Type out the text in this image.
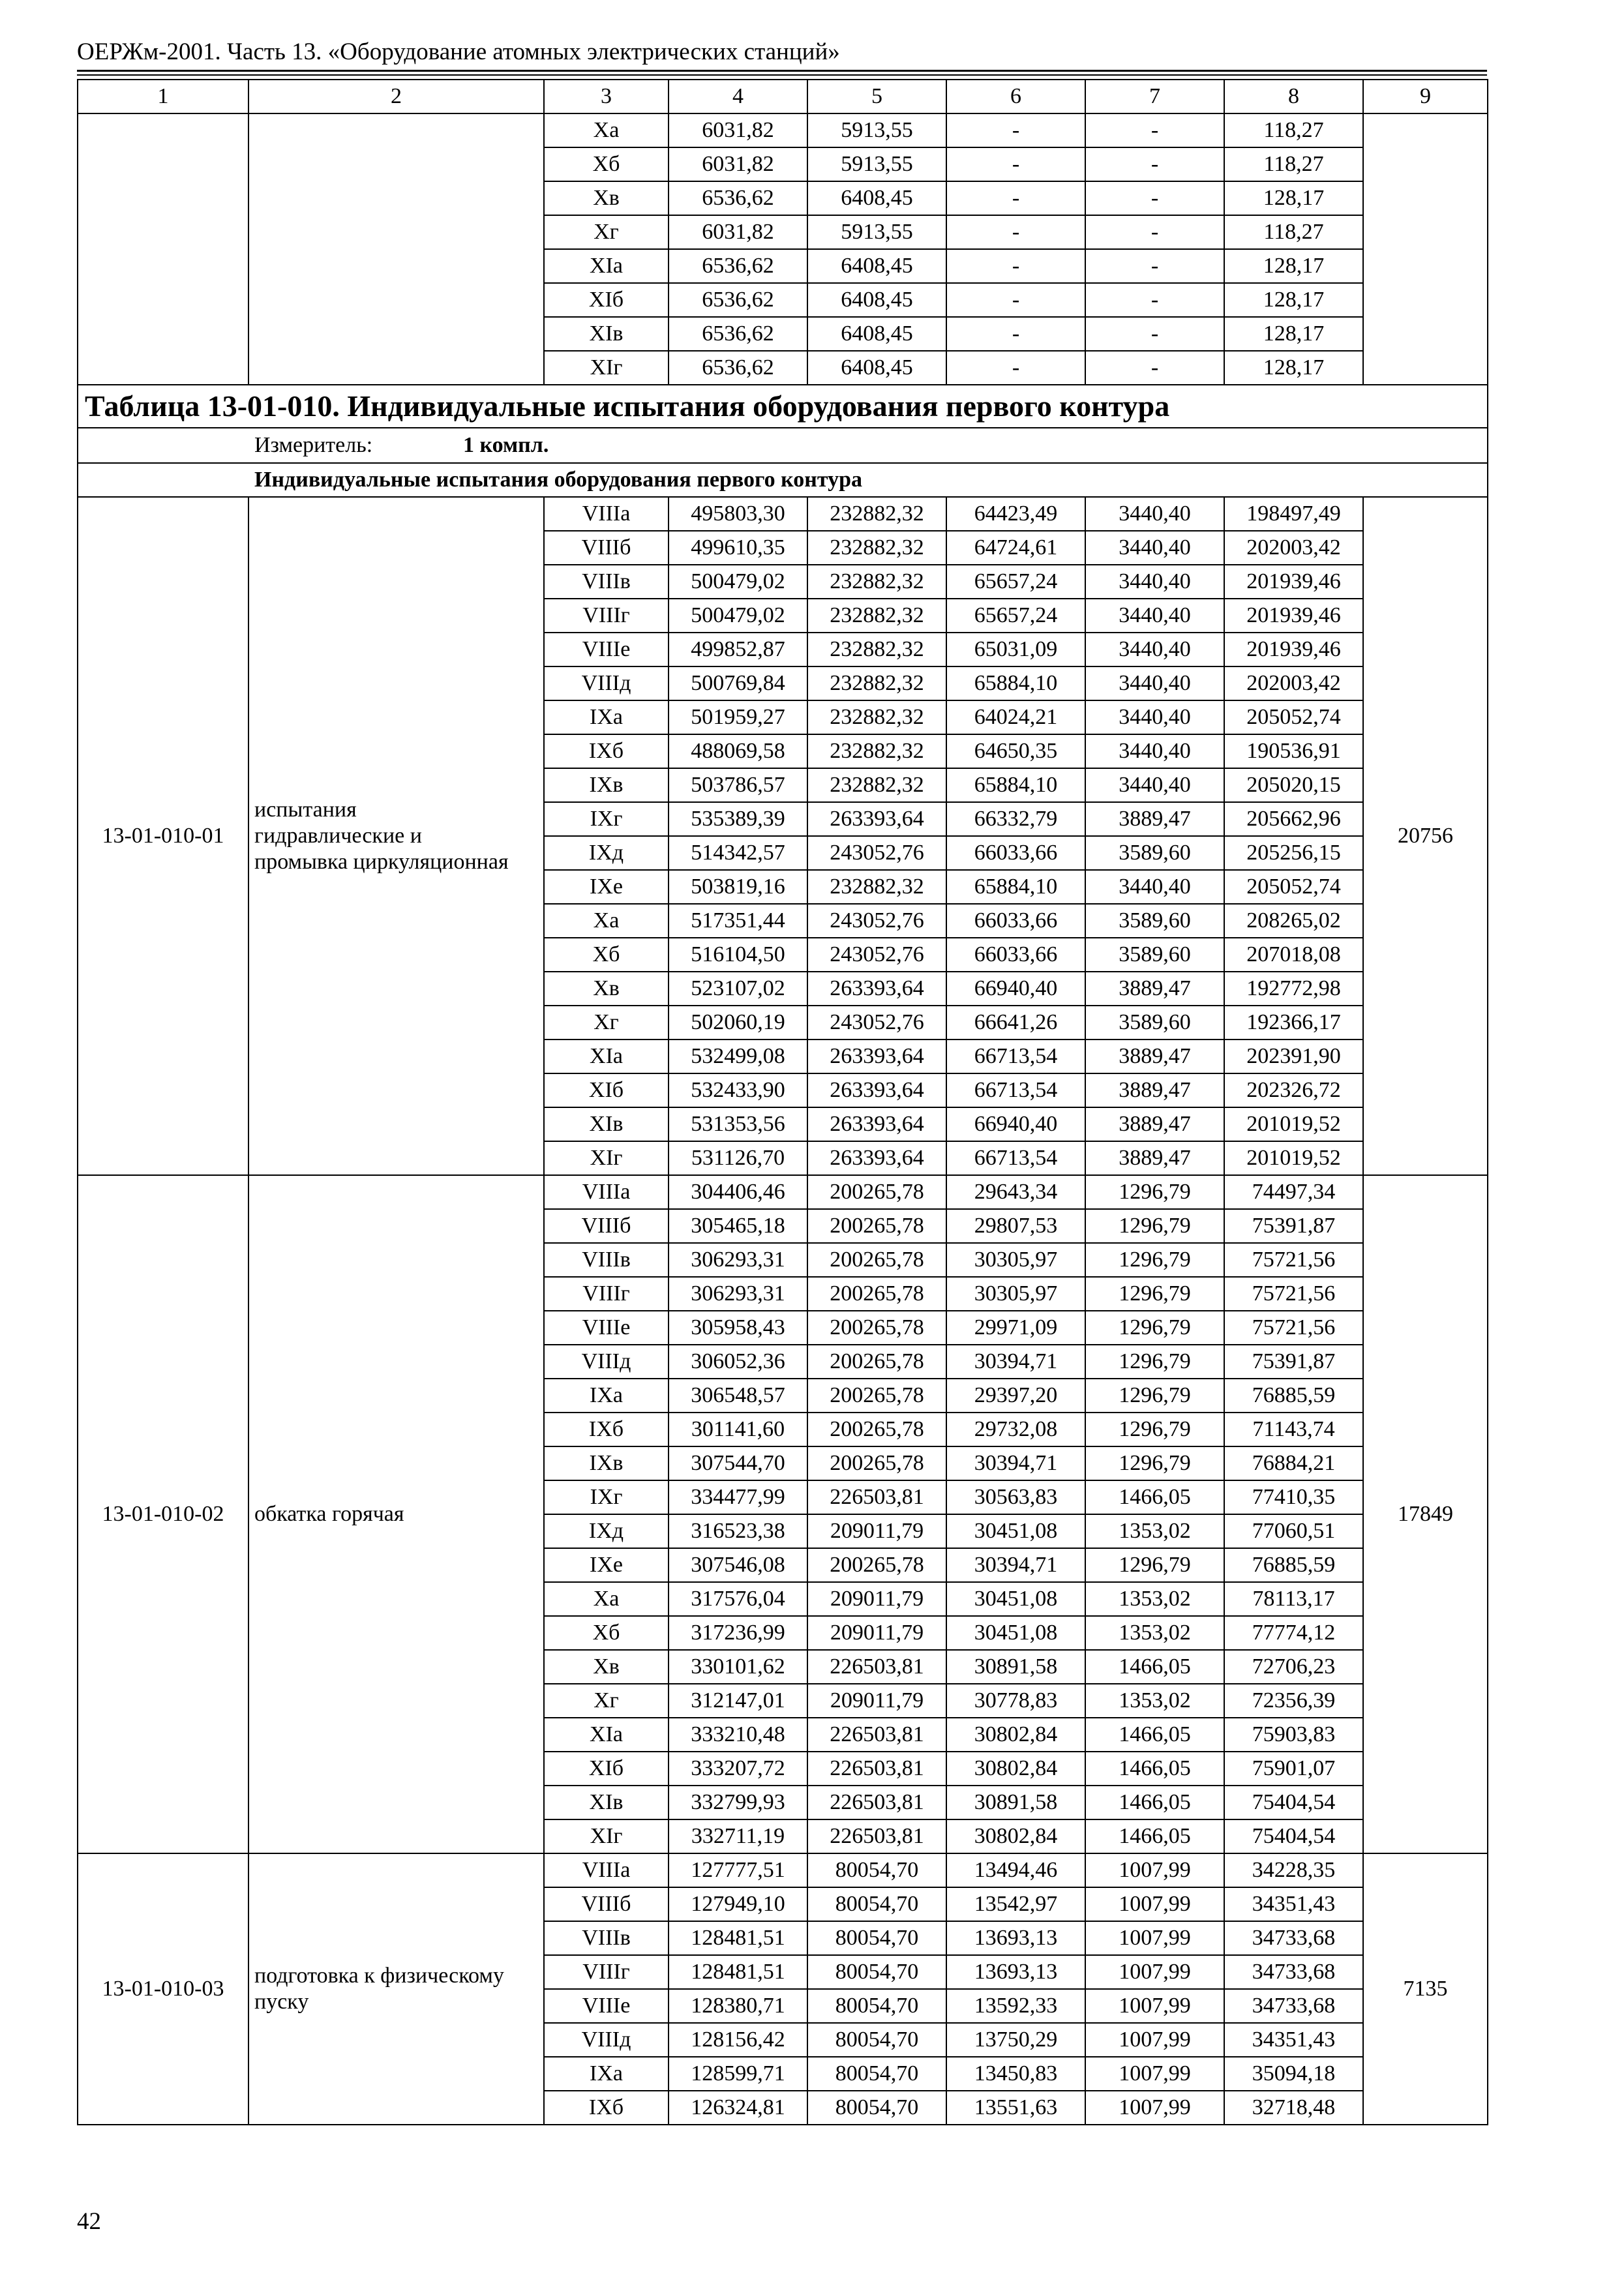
ОЕРЖм-2001. Часть 13. «Оборудование атомных электрических станций»
1	2	3	4	5	6	7	8	9
		Xa	6031,82	5913,55	-	-	118,27	
		Xб	6031,82	5913,55	-	-	118,27	
		Xв	6536,62	6408,45	-	-	128,17	
		Xг	6031,82	5913,55	-	-	118,27	
		XIa	6536,62	6408,45	-	-	128,17	
		XIб	6536,62	6408,45	-	-	128,17	
		XIв	6536,62	6408,45	-	-	128,17	
		XIг	6536,62	6408,45	-	-	128,17	
Таблица 13-01-010. Индивидуальные испытания оборудования первого контура								
Измеритель: 1 компл.								
Индивидуальные испытания оборудования первого контура								
13-01-010-01	испытания
гидравлические и
промывка циркуляционная	VIIIa	495803,30	232882,32	64423,49	3440,40	198497,49	20756
		VIIIб	499610,35	232882,32	64724,61	3440,40	202003,42	
		VIIIв	500479,02	232882,32	65657,24	3440,40	201939,46	
		VIIIг	500479,02	232882,32	65657,24	3440,40	201939,46	
		VIIIe	499852,87	232882,32	65031,09	3440,40	201939,46	
		VIIIд	500769,84	232882,32	65884,10	3440,40	202003,42	
		IXa	501959,27	232882,32	64024,21	3440,40	205052,74	
		IXб	488069,58	232882,32	64650,35	3440,40	190536,91	
		IXв	503786,57	232882,32	65884,10	3440,40	205020,15	
		IXг	535389,39	263393,64	66332,79	3889,47	205662,96	
		IXд	514342,57	243052,76	66033,66	3589,60	205256,15	
		IXe	503819,16	232882,32	65884,10	3440,40	205052,74	
		Xa	517351,44	243052,76	66033,66	3589,60	208265,02	
		Xб	516104,50	243052,76	66033,66	3589,60	207018,08	
		Xв	523107,02	263393,64	66940,40	3889,47	192772,98	
		Xг	502060,19	243052,76	66641,26	3589,60	192366,17	
		XIa	532499,08	263393,64	66713,54	3889,47	202391,90	
		XIб	532433,90	263393,64	66713,54	3889,47	202326,72	
		XIв	531353,56	263393,64	66940,40	3889,47	201019,52	
		XIг	531126,70	263393,64	66713,54	3889,47	201019,52	
13-01-010-02	обкатка горячая	VIIIa	304406,46	200265,78	29643,34	1296,79	74497,34	17849
		VIIIб	305465,18	200265,78	29807,53	1296,79	75391,87	
		VIIIв	306293,31	200265,78	30305,97	1296,79	75721,56	
		VIIIг	306293,31	200265,78	30305,97	1296,79	75721,56	
		VIIIe	305958,43	200265,78	29971,09	1296,79	75721,56	
		VIIIд	306052,36	200265,78	30394,71	1296,79	75391,87	
		IXa	306548,57	200265,78	29397,20	1296,79	76885,59	
		IXб	301141,60	200265,78	29732,08	1296,79	71143,74	
		IXв	307544,70	200265,78	30394,71	1296,79	76884,21	
		IXг	334477,99	226503,81	30563,83	1466,05	77410,35	
		IXд	316523,38	209011,79	30451,08	1353,02	77060,51	
		IXe	307546,08	200265,78	30394,71	1296,79	76885,59	
		Xa	317576,04	209011,79	30451,08	1353,02	78113,17	
		Xб	317236,99	209011,79	30451,08	1353,02	77774,12	
		Xв	330101,62	226503,81	30891,58	1466,05	72706,23	
		Xг	312147,01	209011,79	30778,83	1353,02	72356,39	
		XIa	333210,48	226503,81	30802,84	1466,05	75903,83	
		XIб	333207,72	226503,81	30802,84	1466,05	75901,07	
		XIв	332799,93	226503,81	30891,58	1466,05	75404,54	
		XIг	332711,19	226503,81	30802,84	1466,05	75404,54	
13-01-010-03	подготовка к физическому
пуску	VIIIa	127777,51	80054,70	13494,46	1007,99	34228,35	7135
		VIIIб	127949,10	80054,70	13542,97	1007,99	34351,43	
		VIIIв	128481,51	80054,70	13693,13	1007,99	34733,68	
		VIIIг	128481,51	80054,70	13693,13	1007,99	34733,68	
		VIIIe	128380,71	80054,70	13592,33	1007,99	34733,68	
		VIIIд	128156,42	80054,70	13750,29	1007,99	34351,43	
		IXa	128599,71	80054,70	13450,83	1007,99	35094,18	
		IXб	126324,81	80054,70	13551,63	1007,99	32718,48	
42
